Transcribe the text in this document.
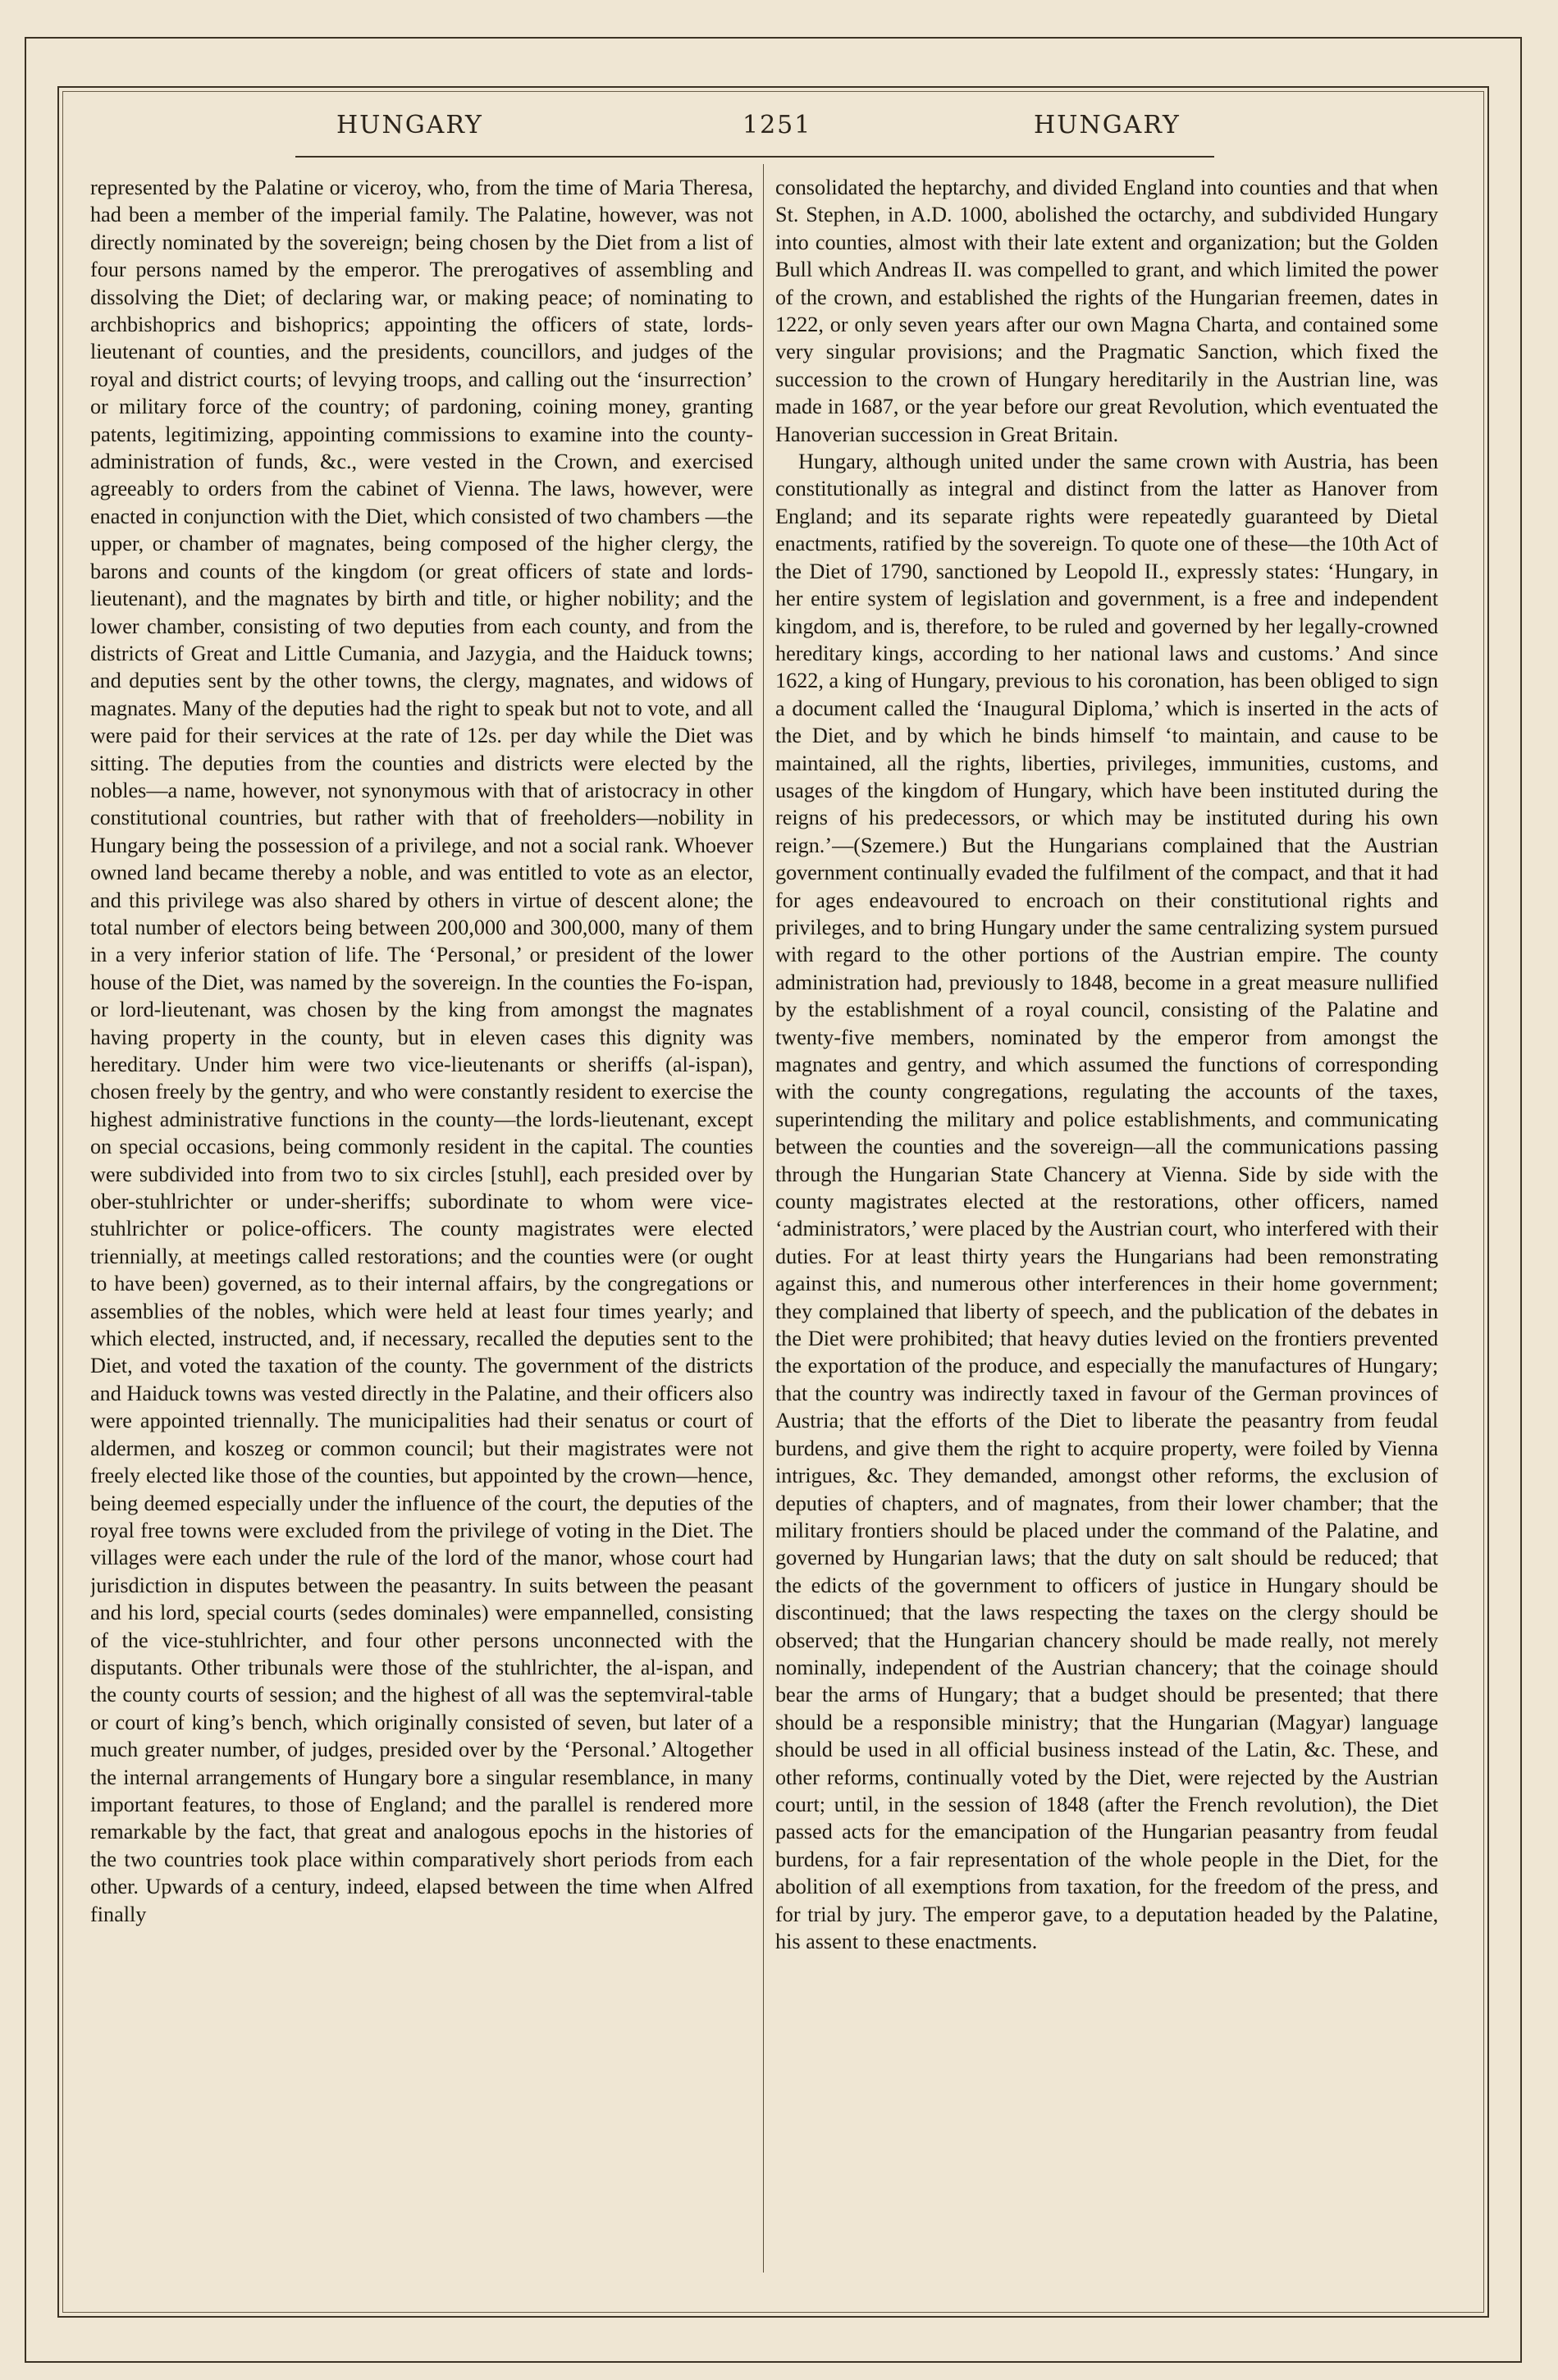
HUNGARY	1251	HUNGARY

represented by the Palatine or viceroy, who, from the time of Maria Theresa, had been a member of the imperial family. The Palatine, however, was not directly nominated by the sovereign; being chosen by the Diet from a list of four persons named by the emperor. The prerogatives of assembling and dissolving the Diet; of declaring war, or making peace; of nominating to archbishoprics and bishoprics; appointing the officers of state, lords-lieutenant of counties, and the presidents, councillors, and judges of the royal and district courts; of levying troops, and calling out the ‘insurrection’ or military force of the country; of pardoning, coining money, granting patents, legitimizing, appointing commissions to examine into the county-administration of funds, &c., were vested in the Crown, and exercised agreeably to orders from the cabinet of Vienna. The laws, however, were enacted in conjunction with the Diet, which consisted of two chambers —the upper, or chamber of magnates, being composed of the higher clergy, the barons and counts of the kingdom (or great officers of state and lords-lieutenant), and the magnates by birth and title, or higher nobility; and the lower chamber, consisting of two deputies from each county, and from the districts of Great and Little Cumania, and Jazygia, and the Haiduck towns; and deputies sent by the other towns, the clergy, magnates, and widows of magnates. Many of the deputies had the right to speak but not to vote, and all were paid for their services at the rate of 12s. per day while the Diet was sitting. The deputies from the counties and districts were elected by the nobles—a name, however, not synonymous with that of aristocracy in other constitutional countries, but rather with that of freeholders—nobility in Hungary being the possession of a privilege, and not a social rank. Whoever owned land became thereby a noble, and was entitled to vote as an elector, and this privilege was also shared by others in virtue of descent alone; the total number of electors being between 200,000 and 300,000, many of them in a very inferior station of life. The ‘Personal,’ or president of the lower house of the Diet, was named by the sovereign. In the counties the Fo-ispan, or lord-lieutenant, was chosen by the king from amongst the magnates having property in the county, but in eleven cases this dignity was hereditary. Under him were two vice-lieutenants or sheriffs (al-ispan), chosen freely by the gentry, and who were constantly resident to exercise the highest administrative functions in the county—the lords-lieutenant, except on special occasions, being commonly resident in the capital. The counties were subdivided into from two to six circles [stuhl], each presided over by ober-stuhlrichter or under-sheriffs; subordinate to whom were vice-stuhlrichter or police-officers. The county magistrates were elected triennially, at meetings called restorations; and the counties were (or ought to have been) governed, as to their internal affairs, by the congregations or assemblies of the nobles, which were held at least four times yearly; and which elected, instructed, and, if necessary, recalled the deputies sent to the Diet, and voted the taxation of the county. The government of the districts and Haiduck towns was vested directly in the Palatine, and their officers also were appointed triennally. The municipalities had their senatus or court of aldermen, and koszeg or common council; but their magistrates were not freely elected like those of the counties, but appointed by the crown—hence, being deemed especially under the influence of the court, the deputies of the royal free towns were excluded from the privilege of voting in the Diet. The villages were each under the rule of the lord of the manor, whose court had jurisdiction in disputes between the peasantry. In suits between the peasant and his lord, special courts (sedes dominales) were empannelled, consisting of the vice-stuhlrichter, and four other persons unconnected with the disputants. Other tribunals were those of the stuhlrichter, the al-ispan, and the county courts of session; and the highest of all was the septemviral-table or court of king’s bench, which originally consisted of seven, but later of a much greater number, of judges, presided over by the ‘Personal.’ Altogether the internal arrangements of Hungary bore a singular resemblance, in many important features, to those of England; and the parallel is rendered more remarkable by the fact, that great and analogous epochs in the histories of the two countries took place within comparatively short periods from each other. Upwards of a century, indeed, elapsed between the time when Alfred finally

consolidated the heptarchy, and divided England into counties and that when St. Stephen, in A.D. 1000, abolished the octarchy, and subdivided Hungary into counties, almost with their late extent and organization; but the Golden Bull which Andreas II. was compelled to grant, and which limited the power of the crown, and established the rights of the Hungarian freemen, dates in 1222, or only seven years after our own Magna Charta, and contained some very singular provisions; and the Pragmatic Sanction, which fixed the succession to the crown of Hungary hereditarily in the Austrian line, was made in 1687, or the year before our great Revolution, which eventuated the Hanoverian succession in Great Britain.

Hungary, although united under the same crown with Austria, has been constitutionally as integral and distinct from the latter as Hanover from England; and its separate rights were repeatedly guaranteed by Dietal enactments, ratified by the sovereign. To quote one of these—the 10th Act of the Diet of 1790, sanctioned by Leopold II., expressly states: ‘Hungary, in her entire system of legislation and government, is a free and independent kingdom, and is, therefore, to be ruled and governed by her legally-crowned hereditary kings, according to her national laws and customs.’ And since 1622, a king of Hungary, previous to his coronation, has been obliged to sign a document called the ‘Inaugural Diploma,’ which is inserted in the acts of the Diet, and by which he binds himself ‘to maintain, and cause to be maintained, all the rights, liberties, privileges, immunities, customs, and usages of the kingdom of Hungary, which have been instituted during the reigns of his predecessors, or which may be instituted during his own reign.’—(Szemere.) But the Hungarians complained that the Austrian government continually evaded the fulfilment of the compact, and that it had for ages endeavoured to encroach on their constitutional rights and privileges, and to bring Hungary under the same centralizing system pursued with regard to the other portions of the Austrian empire. The county administration had, previously to 1848, become in a great measure nullified by the establishment of a royal council, consisting of the Palatine and twenty-five members, nominated by the emperor from amongst the magnates and gentry, and which assumed the functions of corresponding with the county congregations, regulating the accounts of the taxes, superintending the military and police establishments, and communicating between the counties and the sovereign—all the communications passing through the Hungarian State Chancery at Vienna. Side by side with the county magistrates elected at the restorations, other officers, named ‘administrators,’ were placed by the Austrian court, who interfered with their duties. For at least thirty years the Hungarians had been remonstrating against this, and numerous other interferences in their home government; they complained that liberty of speech, and the publication of the debates in the Diet were prohibited; that heavy duties levied on the frontiers prevented the exportation of the produce, and especially the manufactures of Hungary; that the country was indirectly taxed in favour of the German provinces of Austria; that the efforts of the Diet to liberate the peasantry from feudal burdens, and give them the right to acquire property, were foiled by Vienna intrigues, &c. They demanded, amongst other reforms, the exclusion of deputies of chapters, and of magnates, from their lower chamber; that the military frontiers should be placed under the command of the Palatine, and governed by Hungarian laws; that the duty on salt should be reduced; that the edicts of the government to officers of justice in Hungary should be discontinued; that the laws respecting the taxes on the clergy should be observed; that the Hungarian chancery should be made really, not merely nominally, independent of the Austrian chancery; that the coinage should bear the arms of Hungary; that a budget should be presented; that there should be a responsible ministry; that the Hungarian (Magyar) language should be used in all official business instead of the Latin, &c. These, and other reforms, continually voted by the Diet, were rejected by the Austrian court; until, in the session of 1848 (after the French revolution), the Diet passed acts for the emancipation of the Hungarian peasantry from feudal burdens, for a fair representation of the whole people in the Diet, for the abolition of all exemptions from taxation, for the freedom of the press, and for trial by jury. The emperor gave, to a deputation headed by the Palatine, his assent to these enactments.
